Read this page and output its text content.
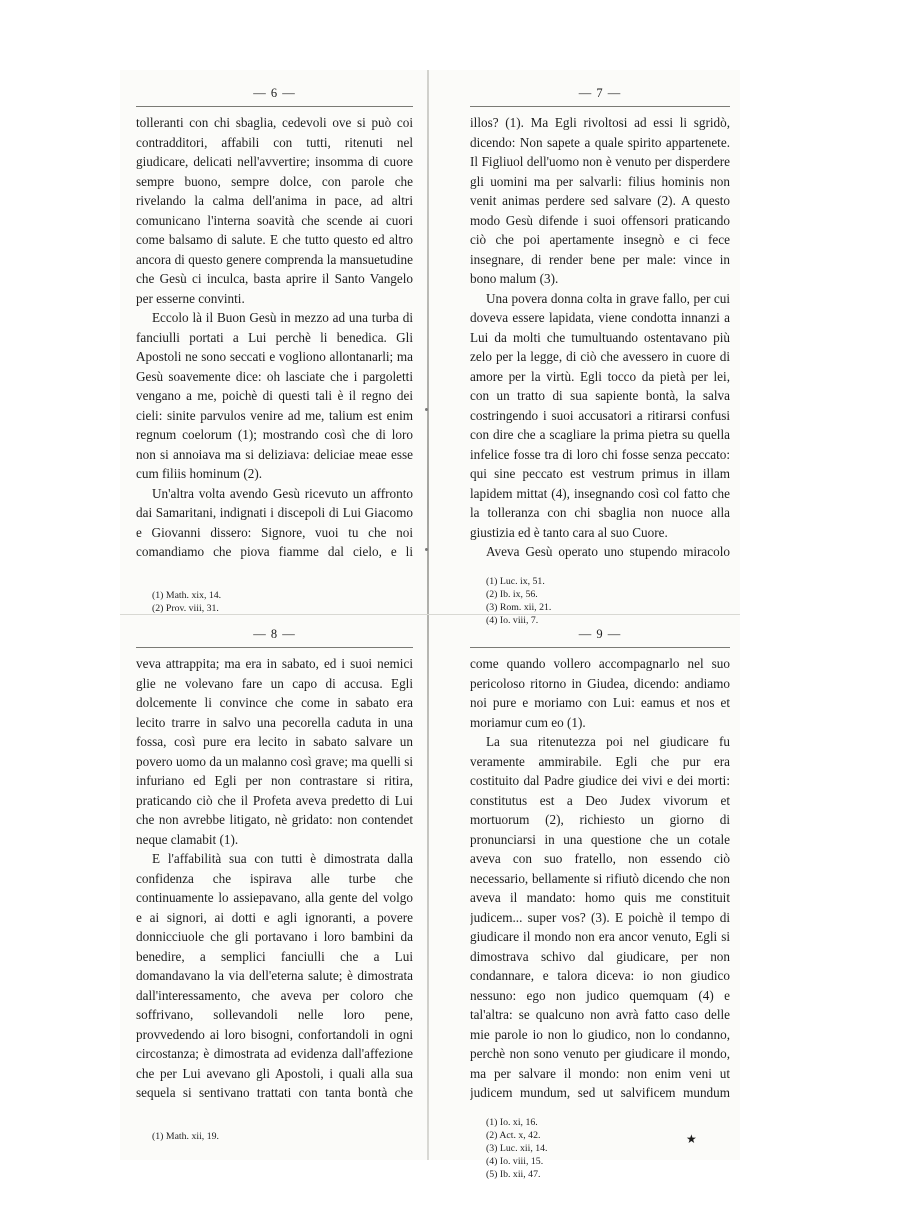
— 6 —

tolleranti con chi sbaglia, cedevoli ove si può coi contradditori, affabili con tutti, ritenuti nel giudicare, delicati nell'avvertire; insomma di cuore sempre buono, sempre dolce, con parole che rivelando la calma dell'anima in pace, ad altri comunicano l'interna soavità che scende ai cuori come balsamo di salute. E che tutto questo ed altro ancora di questo genere comprenda la mansuetudine che Gesù ci inculca, basta aprire il Santo Vangelo per esserne convinti.

Eccolo là il Buon Gesù in mezzo ad una turba di fanciulli portati a Lui perchè li benedica. Gli Apostoli ne sono seccati e vogliono allontanarli; ma Gesù soavemente dice: oh lasciate che i pargoletti vengano a me, poichè di questi tali è il regno dei cieli: sinite parvulos venire ad me, talium est enim regnum coelorum (1); mostrando così che di loro non si annoiava ma si deliziava: deliciae meae esse cum filiis hominum (2).

Un'altra volta avendo Gesù ricevuto un affronto dai Samaritani, indignati i discepoli di Lui Giacomo e Giovanni dissero: Signore, vuoi tu che noi comandiamo che piova fiamme dal cielo, e li

(1) Math. xix, 14.
(2) Prov. viii, 31.
— 7 —

illos? (1). Ma Egli rivoltosi ad essi li sgridò, dicendo: Non sapete a quale spirito appartenete. Il Figliuol dell'uomo non è venuto per disperdere gli uomini ma per salvarli: filius hominis non venit animas perdere sed salvare (2). A questo modo Gesù difende i suoi offensori praticando ciò che poi apertamente insegnò e ci fece insegnare, di render bene per male: vince in bono malum (3).

Una povera donna colta in grave fallo, per cui doveva essere lapidata, viene condotta innanzi a Lui da molti che tumultuando ostentavano più zelo per la legge, di ciò che avessero in cuore di amore per la virtù. Egli tocco da pietà per lei, con un tratto di sua sapiente bontà, la salva costringendo i suoi accusatori a ritirarsi confusi con dire che a scagliare la prima pietra su quella infelice fosse tra di loro chi fosse senza peccato: qui sine peccato est vestrum primus in illam lapidem mittat (4), insegnando così col fatto che la tolleranza con chi sbaglia non nuoce alla giustizia ed è tanto cara al suo Cuore.

Aveva Gesù operato uno stupendo miracolo

(1) Luc. ix, 51.
(2) Ib. ix, 56.
(3) Rom. xii, 21.
(4) Io. viii, 7.
— 8 —

veva attrappita; ma era in sabato, ed i suoi nemici glie ne volevano fare un capo di accusa. Egli dolcemente li convince che come in sabato era lecito trarre in salvo una pecorella caduta in una fossa, così pure era lecito in sabato salvare un povero uomo da un malanno così grave; ma quelli si infuriano ed Egli per non contrastare si ritira, praticando ciò che il Profeta aveva predetto di Lui che non avrebbe litigato, nè gridato: non contendet neque clamabit (1).

E l'affabilità sua con tutti è dimostrata dalla confidenza che ispirava alle turbe che continuamente lo assiepavano, alla gente del volgo e ai signori, ai dotti e agli ignoranti, a povere donnicciuole che gli portavano i loro bambini da benedire, a semplici fanciulli che a Lui domandavano la via dell'eterna salute; è dimostrata dall'interessamento, che aveva per coloro che soffrivano, sollevandoli nelle loro pene, provvedendo ai loro bisogni, confortandoli in ogni circostanza; è dimostrata ad evidenza dall'affezione che per Lui avevano gli Apostoli, i quali alla sua sequela si sentivano trattati con tanta bontà che

(1) Math. xii, 19.
— 9 —

come quando vollero accompagnarlo nel suo pericoloso ritorno in Giudea, dicendo: andiamo noi pure e moriamo con Lui: eamus et nos et moriamur cum eo (1).

La sua ritenutezza poi nel giudicare fu veramente ammirabile. Egli che pur era costituito dal Padre giudice dei vivi e dei morti: constitutus est a Deo Judex vivorum et mortuorum (2), richiesto un giorno di pronunciarsi in una questione che un cotale aveva con suo fratello, non essendo ciò necessario, bellamente si rifiutò dicendo che non aveva il mandato: homo quis me constituit judicem... super vos? (3). E poichè il tempo di giudicare il mondo non era ancor venuto, Egli si dimostrava schivo dal giudicare, per non condannare, e talora diceva: io non giudico nessuno: ego non judico quemquam (4) e tal'altra: se qualcuno non avrà fatto caso delle mie parole io non lo giudico, non lo condanno, perchè non sono venuto per giudicare il mondo, ma per salvare il mondo: non enim veni ut judicem mundum, sed ut salvificem mundum

(1) Io. xi, 16.
(2) Act. x, 42.
(3) Luc. xii, 14.
(4) Io. viii, 15.
(5) Ib. xii, 47.
★
